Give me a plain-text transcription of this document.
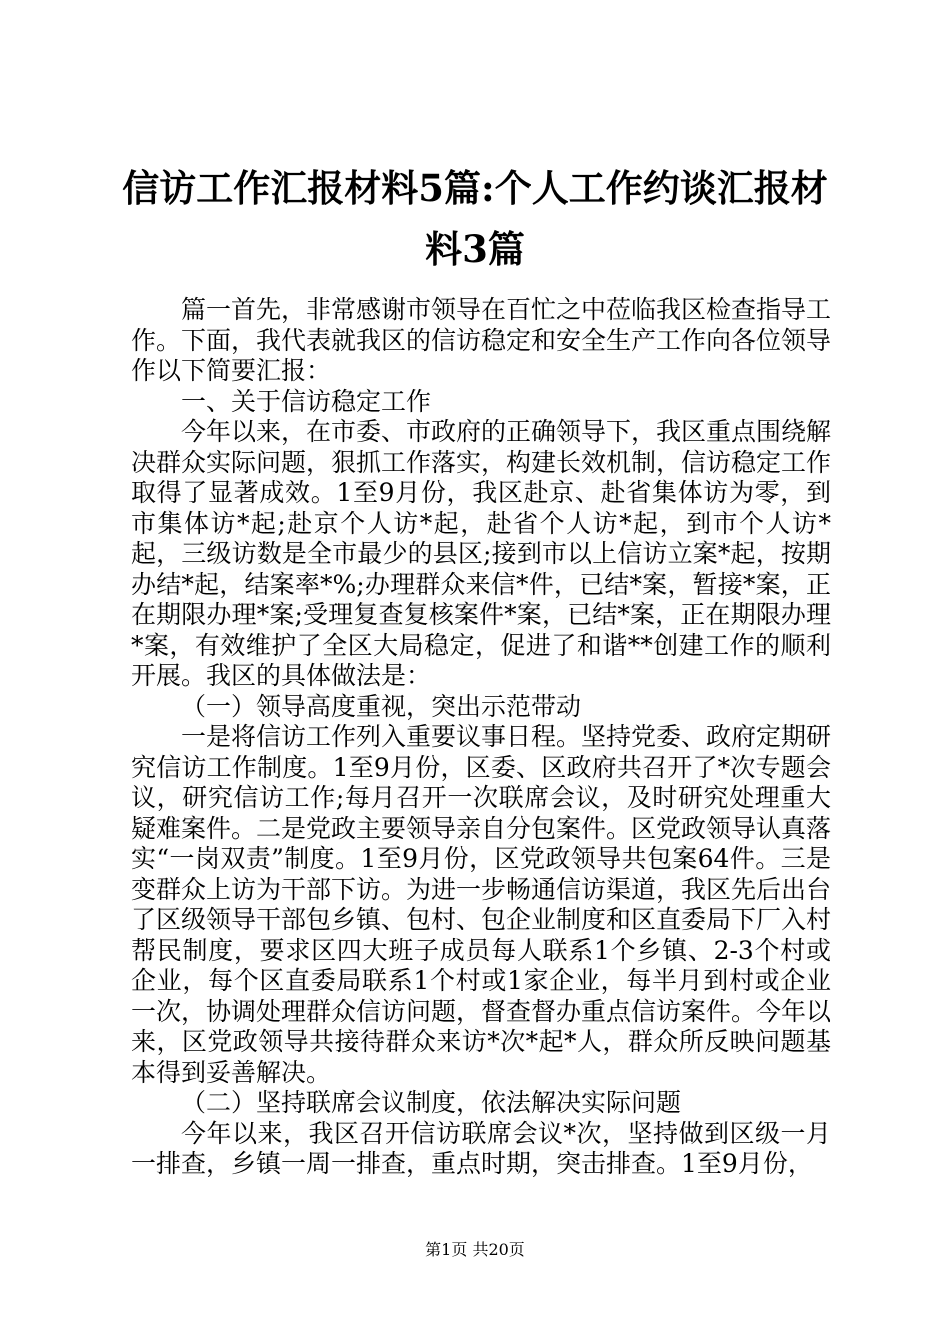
信访工作汇报材料5篇:个人工作约谈汇报材
料3篇

篇一首先，非常感谢市领导在百忙之中莅临我区检查指导工作。下面，我代表就我区的信访稳定和安全生产工作向各位领导作以下简要汇报：

一、关于信访稳定工作

今年以来，在市委、市政府的正确领导下，我区重点围绕解决群众实际问题，狠抓工作落实，构建长效机制，信访稳定工作取得了显著成效。1至9月份，我区赴京、赴省集体访为零，到市集体访*起;赴京个人访*起，赴省个人访*起，到市个人访*起，三级访数是全市最少的县区;接到市以上信访立案*起，按期办结*起，结案率*%;办理群众来信*件，已结*案，暂接*案，正在期限办理*案;受理复查复核案件*案，已结*案，正在期限办理*案，有效维护了全区大局稳定，促进了和谐**创建工作的顺利开展。我区的具体做法是：

（一）领导高度重视，突出示范带动

一是将信访工作列入重要议事日程。坚持党委、政府定期研究信访工作制度。1至9月份，区委、区政府共召开了*次专题会议，研究信访工作;每月召开一次联席会议，及时研究处理重大疑难案件。二是党政主要领导亲自分包案件。区党政领导认真落实“一岗双责”制度。1至9月份，区党政领导共包案64件。三是变群众上访为干部下访。为进一步畅通信访渠道，我区先后出台了区级领导干部包乡镇、包村、包企业制度和区直委局下厂入村帮民制度，要求区四大班子成员每人联系1个乡镇、2-3个村或企业，每个区直委局联系1个村或1家企业，每半月到村或企业一次，协调处理群众信访问题，督查督办重点信访案件。今年以来，区党政领导共接待群众来访*次*起*人，群众所反映问题基本得到妥善解决。

（二）坚持联席会议制度，依法解决实际问题

今年以来，我区召开信访联席会议*次，坚持做到区级一月一排查，乡镇一周一排查，重点时期，突击排查。1至9月份，

第1页 共20页
